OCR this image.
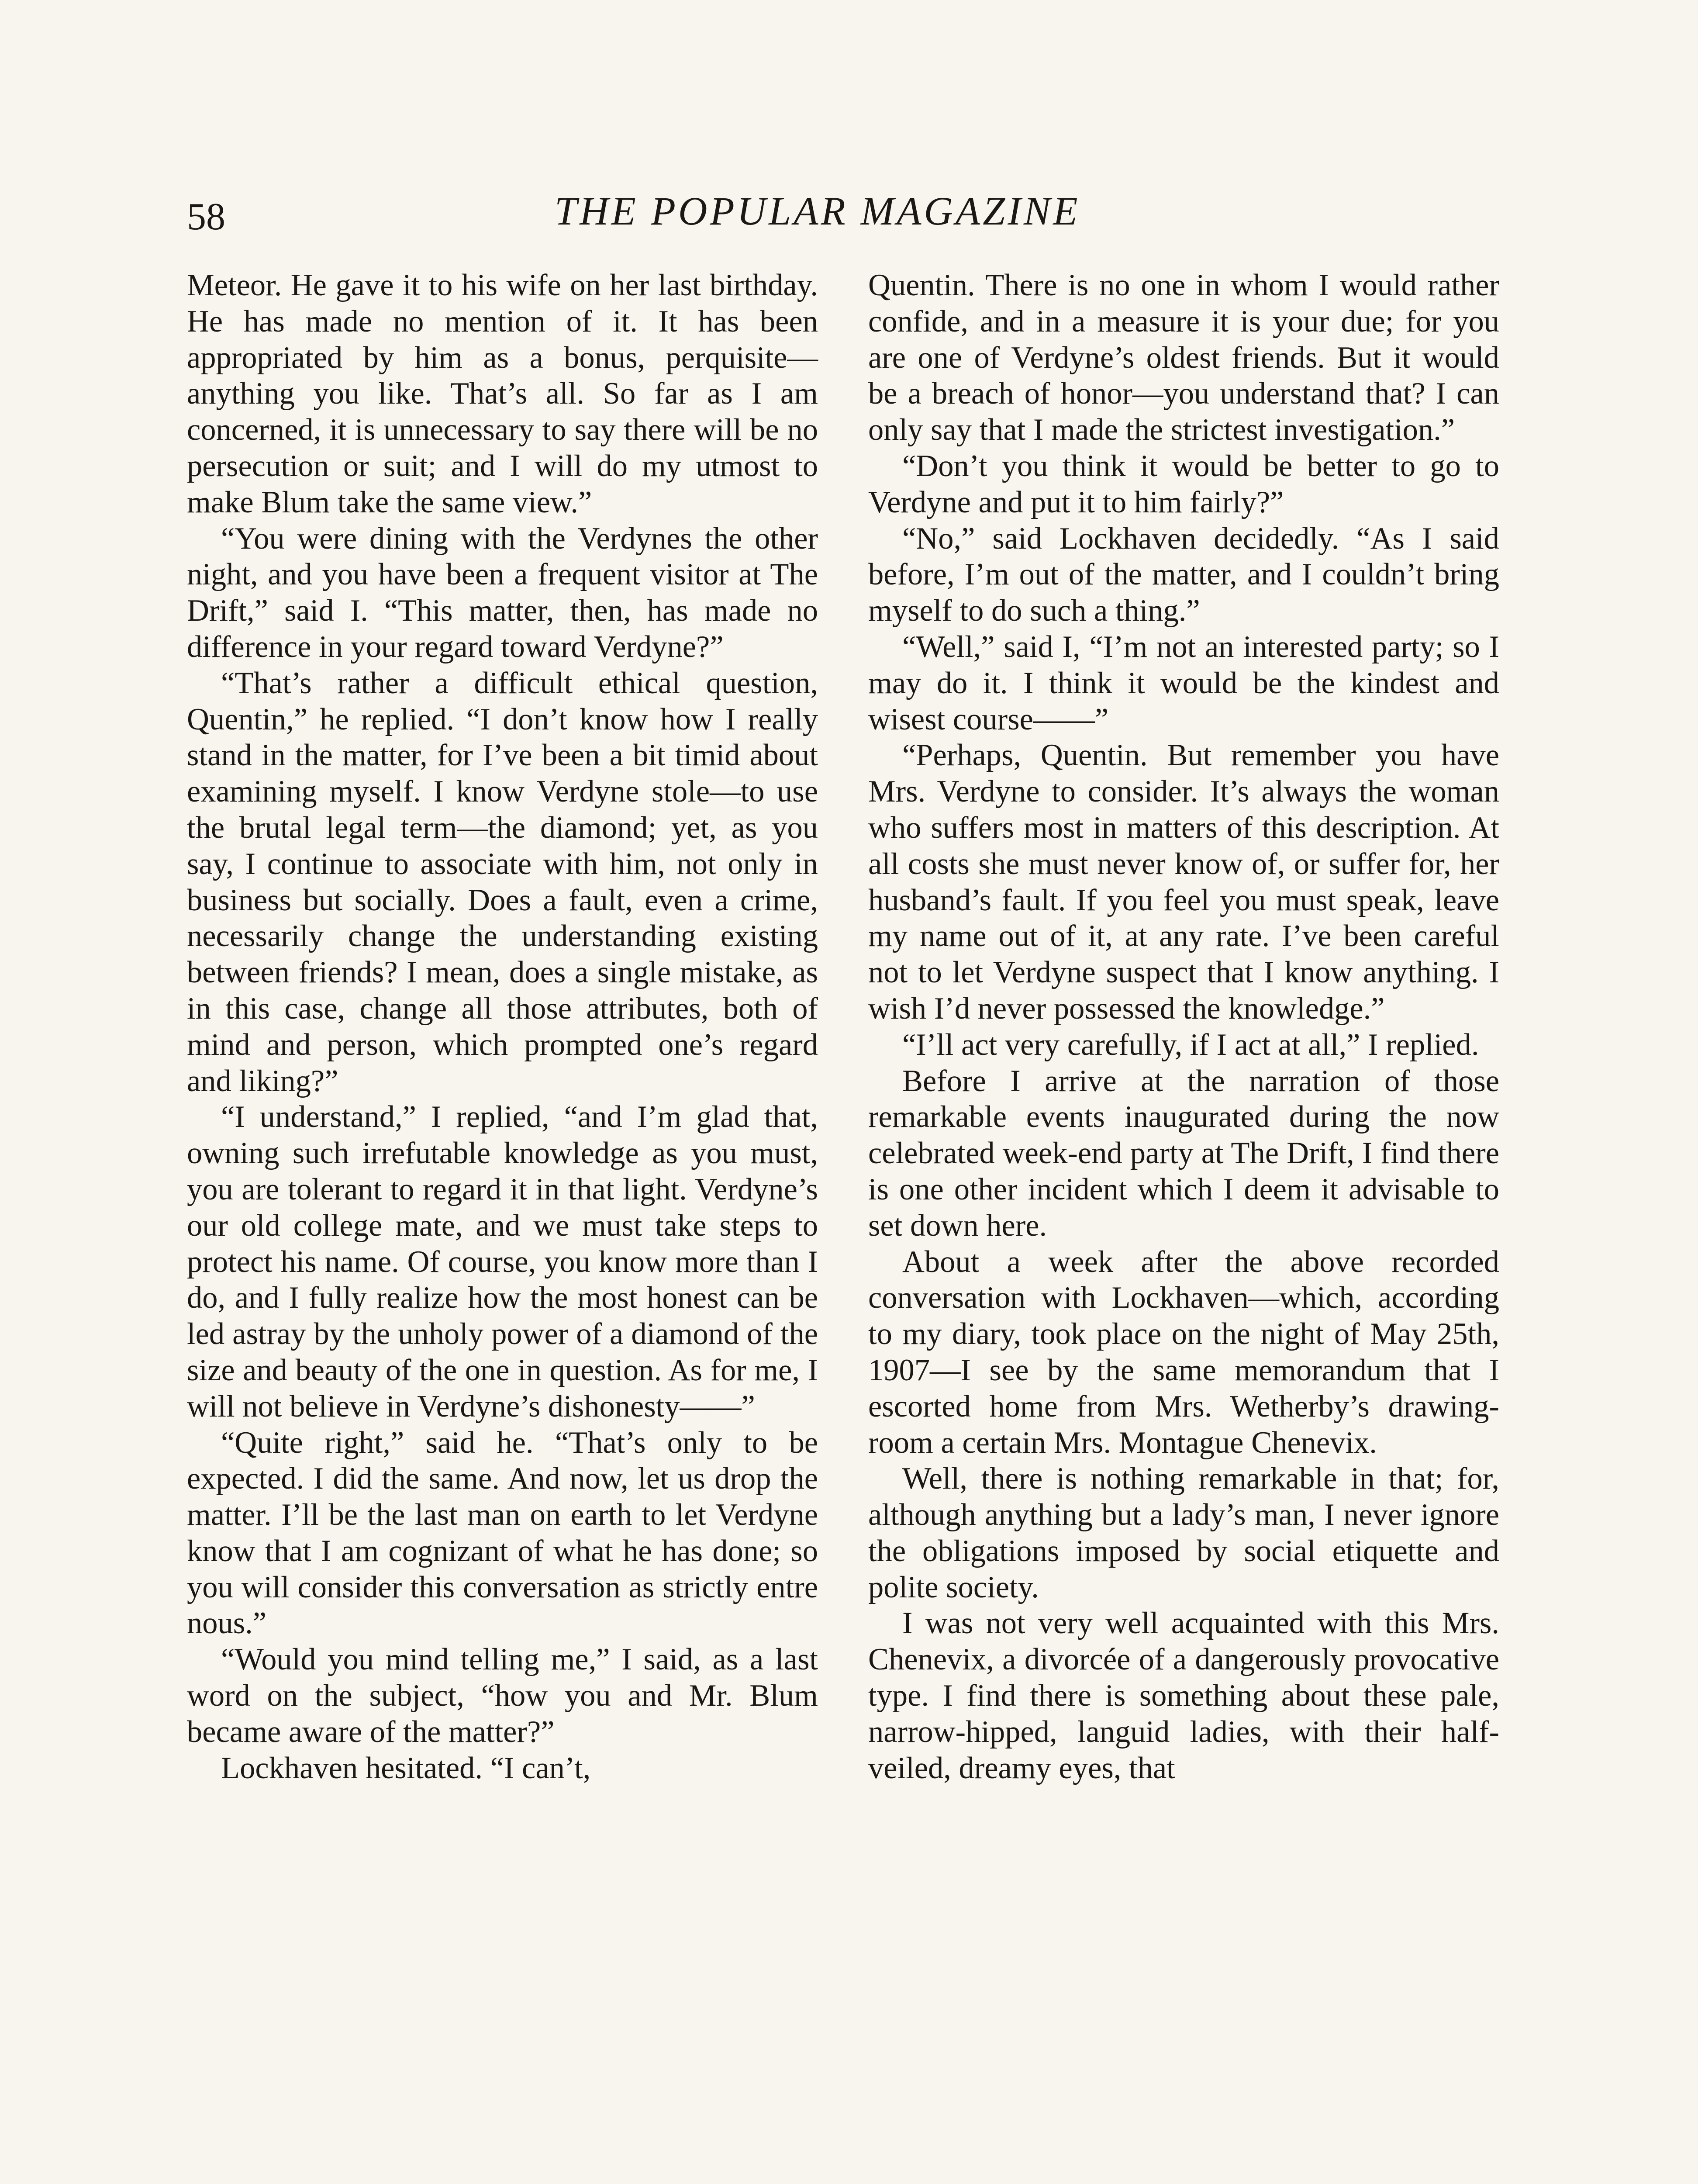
58	THE POPULAR MAGAZINE

Meteor. He gave it to his wife on her last birthday. He has made no mention of it. It has been appropriated by him as a bonus, perquisite—anything you like. That’s all. So far as I am concerned, it is unnecessary to say there will be no persecution or suit; and I will do my utmost to make Blum take the same view.”

“You were dining with the Verdynes the other night, and you have been a frequent visitor at The Drift,” said I. “This matter, then, has made no difference in your regard toward Verdyne?”

“That’s rather a difficult ethical question, Quentin,” he replied. “I don’t know how I really stand in the matter, for I’ve been a bit timid about examining myself. I know Verdyne stole—to use the brutal legal term—the diamond; yet, as you say, I continue to associate with him, not only in business but socially. Does a fault, even a crime, necessarily change the understanding existing between friends? I mean, does a single mistake, as in this case, change all those attributes, both of mind and person, which prompted one’s regard and liking?”

“I understand,” I replied, “and I’m glad that, owning such irrefutable knowledge as you must, you are tolerant to regard it in that light. Verdyne’s our old college mate, and we must take steps to protect his name. Of course, you know more than I do, and I fully realize how the most honest can be led astray by the unholy power of a diamond of the size and beauty of the one in question. As for me, I will not believe in Verdyne’s dishonesty——”

“Quite right,” said he. “That’s only to be expected. I did the same. And now, let us drop the matter. I’ll be the last man on earth to let Verdyne know that I am cognizant of what he has done; so you will consider this conversation as strictly entre nous.”

“Would you mind telling me,” I said, as a last word on the subject, “how you and Mr. Blum became aware of the matter?”

Lockhaven hesitated. “I can’t,

Quentin. There is no one in whom I would rather confide, and in a measure it is your due; for you are one of Verdyne’s oldest friends. But it would be a breach of honor—you understand that? I can only say that I made the strictest investigation.”

“Don’t you think it would be better to go to Verdyne and put it to him fairly?”

“No,” said Lockhaven decidedly. “As I said before, I’m out of the matter, and I couldn’t bring myself to do such a thing.”

“Well,” said I, “I’m not an interested party; so I may do it. I think it would be the kindest and wisest course——”

“Perhaps, Quentin. But remember you have Mrs. Verdyne to consider. It’s always the woman who suffers most in matters of this description. At all costs she must never know of, or suffer for, her husband’s fault. If you feel you must speak, leave my name out of it, at any rate. I’ve been careful not to let Verdyne suspect that I know anything. I wish I’d never possessed the knowledge.”

“I’ll act very carefully, if I act at all,” I replied.

Before I arrive at the narration of those remarkable events inaugurated during the now celebrated week-end party at The Drift, I find there is one other incident which I deem it advisable to set down here.

About a week after the above recorded conversation with Lockhaven—which, according to my diary, took place on the night of May 25th, 1907—I see by the same memorandum that I escorted home from Mrs. Wetherby’s drawing-room a certain Mrs. Montague Chenevix.

Well, there is nothing remarkable in that; for, although anything but a lady’s man, I never ignore the obligations imposed by social etiquette and polite society.

I was not very well acquainted with this Mrs. Chenevix, a divorcée of a dangerously provocative type. I find there is something about these pale, narrow-hipped, languid ladies, with their half-veiled, dreamy eyes, that
